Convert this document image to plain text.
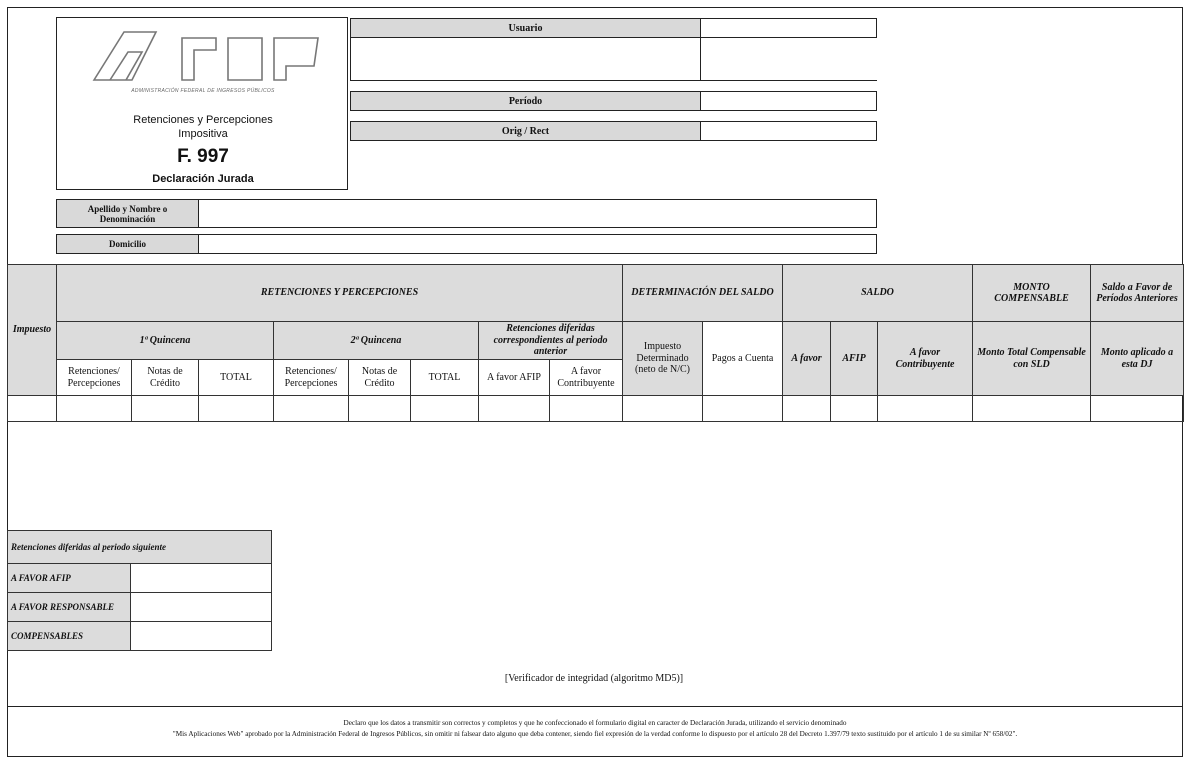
ADMINISTRACIÓN FEDERAL DE INGRESOS PÚBLICOS
Retenciones y Percepciones
Impositiva
F. 997
Declaración Jurada
Usuario
Período
Orig / Rect
Apellido y Nombre o Denominación
Domicilio
Impuesto	RETENCIONES Y PERCEPCIONES								DETERMINACIÓN DEL SALDO		SALDO			MONTO COMPENSABLE	Saldo a Favor de Períodos Anteriores
	1ª Quincena			2ª Quincena			Retenciones diferidas correspondientes al periodo anterior		Impuesto Determinado (neto de N/C)	Pagos a Cuenta	A favor	AFIP	A favor Contribuyente	Monto Total Compensable con SLD	Monto aplicado a esta DJ
	Retenciones/ Percepciones	Notas de Crédito	TOTAL	Retenciones/ Percepciones	Notas de Crédito	TOTAL	A favor AFIP	A favor Contribuyente							

Retenciones diferidas al periodo siguiente	
A FAVOR AFIP	
A FAVOR RESPONSABLE	
COMPENSABLES	
[Verificador de integridad (algoritmo MD5)]
Declaro que los datos a transmitir son correctos y completos y que he confeccionado el formulario digital en caracter de Declaración Jurada, utilizando el servicio denominado
"Mis Aplicaciones Web" aprobado por la Administración Federal de Ingresos Públicos, sin omitir ni falsear dato alguno que deba contener, siendo fiel expresión de la verdad conforme lo dispuesto por el artículo 28 del Decreto 1.397/79 texto sustituido por el artículo 1 de su similar Nº 658/02".
